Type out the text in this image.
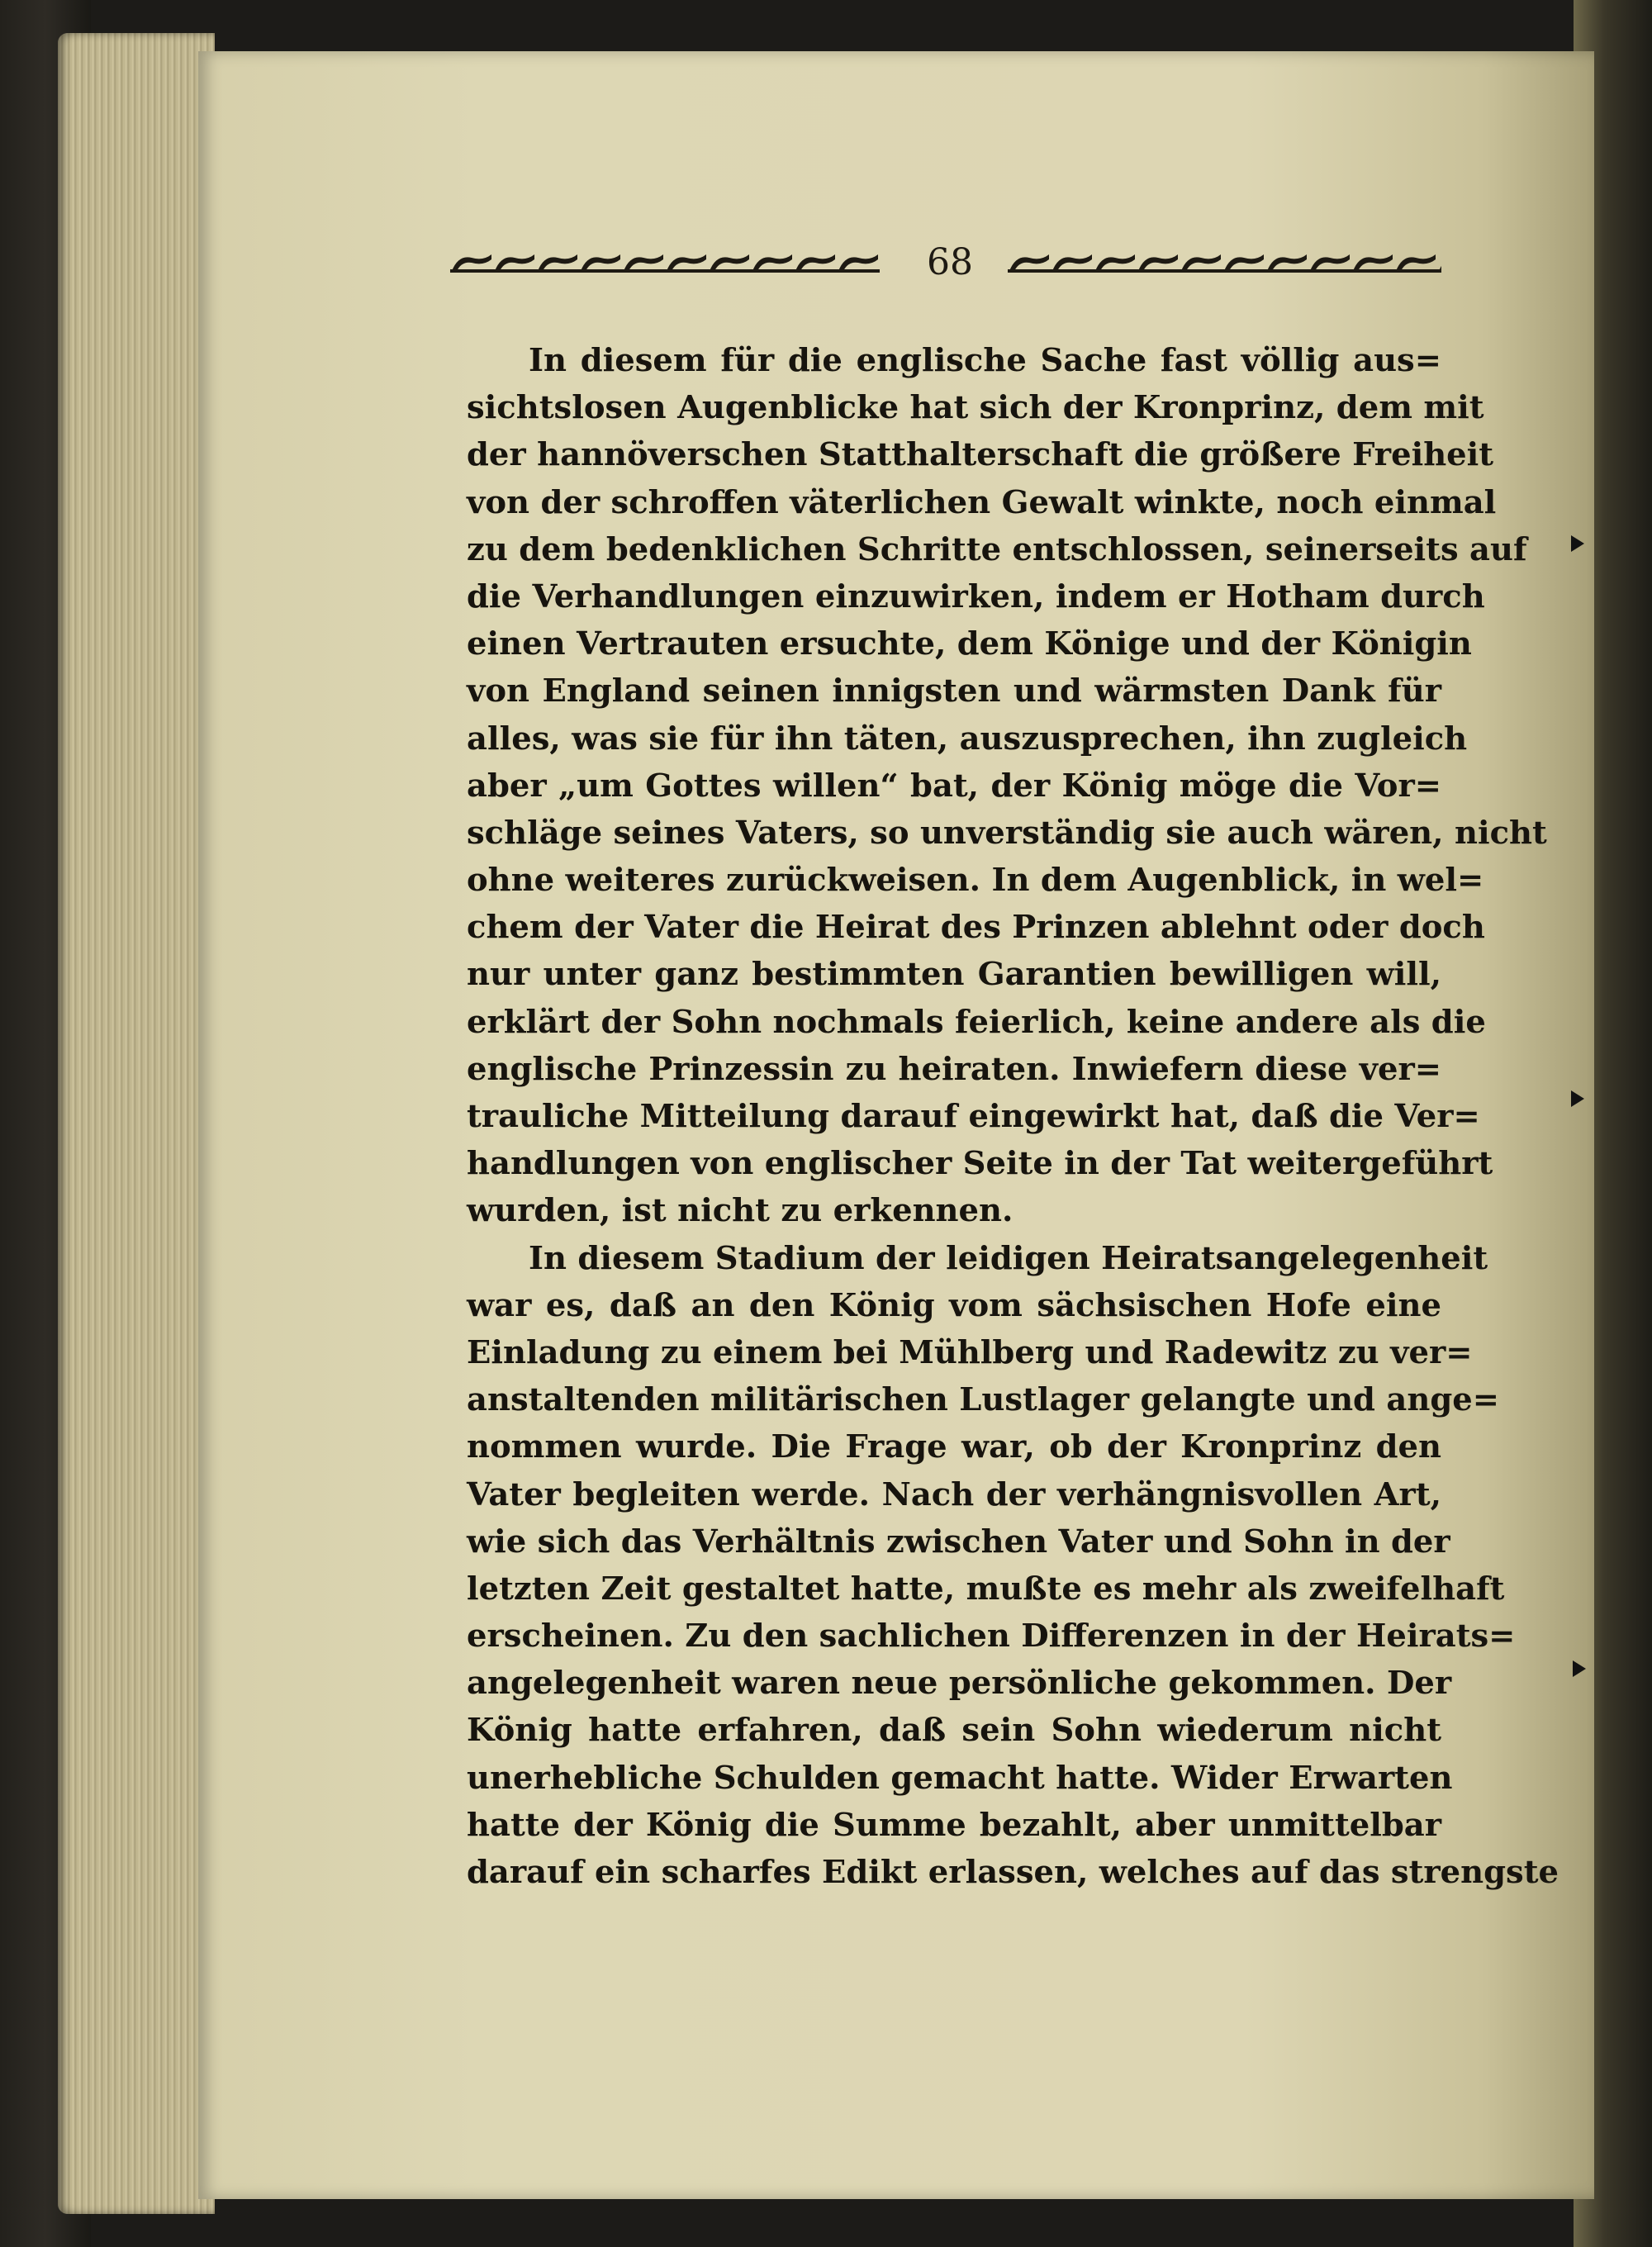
68
In diesem für die englische Sache fast völlig aus=
sichtslosen Augenblicke hat sich der Kronprinz, dem mit
der hannöverschen Statthalterschaft die größere Freiheit
von der schroffen väterlichen Gewalt winkte, noch einmal
zu dem bedenklichen Schritte entschlossen, seinerseits auf
die Verhandlungen einzuwirken, indem er Hotham durch
einen Vertrauten ersuchte, dem Könige und der Königin
von England seinen innigsten und wärmsten Dank für
alles, was sie für ihn täten, auszusprechen, ihn zugleich
aber „um Gottes willen“ bat, der König möge die Vor=
schläge seines Vaters, so unverständig sie auch wären, nicht
ohne weiteres zurückweisen. In dem Augenblick, in wel=
chem der Vater die Heirat des Prinzen ablehnt oder doch
nur unter ganz bestimmten Garantien bewilligen will,
erklärt der Sohn nochmals feierlich, keine andere als die
englische Prinzessin zu heiraten. Inwiefern diese ver=
trauliche Mitteilung darauf eingewirkt hat, daß die Ver=
handlungen von englischer Seite in der Tat weitergeführt
wurden, ist nicht zu erkennen.
In diesem Stadium der leidigen Heiratsangelegenheit
war es, daß an den König vom sächsischen Hofe eine
Einladung zu einem bei Mühlberg und Radewitz zu ver=
anstaltenden militärischen Lustlager gelangte und ange=
nommen wurde. Die Frage war, ob der Kronprinz den
Vater begleiten werde. Nach der verhängnisvollen Art,
wie sich das Verhältnis zwischen Vater und Sohn in der
letzten Zeit gestaltet hatte, mußte es mehr als zweifelhaft
erscheinen. Zu den sachlichen Differenzen in der Heirats=
angelegenheit waren neue persönliche gekommen. Der
König hatte erfahren, daß sein Sohn wiederum nicht
unerhebliche Schulden gemacht hatte. Wider Erwarten
hatte der König die Summe bezahlt, aber unmittelbar
darauf ein scharfes Edikt erlassen, welches auf das strengste
